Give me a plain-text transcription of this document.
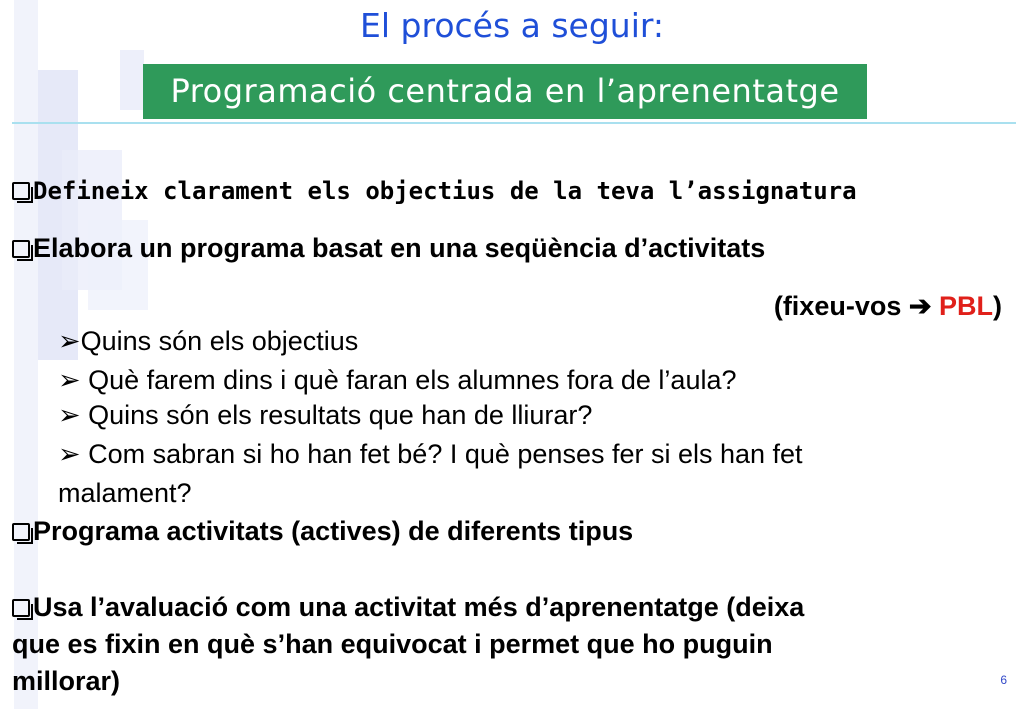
El procés a seguir:
Programació centrada en l’aprenentatge
Defineix clarament els objectius de la teva l’assignatura
Elabora un programa basat en una seqüència d’activitats
(fixeu-vos ➔ PBL)
➢Quins són els objectius
➢ Què farem dins i què faran els alumnes fora de l’aula?
➢ Quins són els resultats que han de lliurar?
➢ Com sabran si ho han fet bé? I què penses fer si els han fet
malament?
Programa activitats (actives) de diferents tipus
Usa l’avaluació com una activitat més d’aprenentatge (deixa
que es fixin en què s’han equivocat i permet que ho puguin
millorar)	6
